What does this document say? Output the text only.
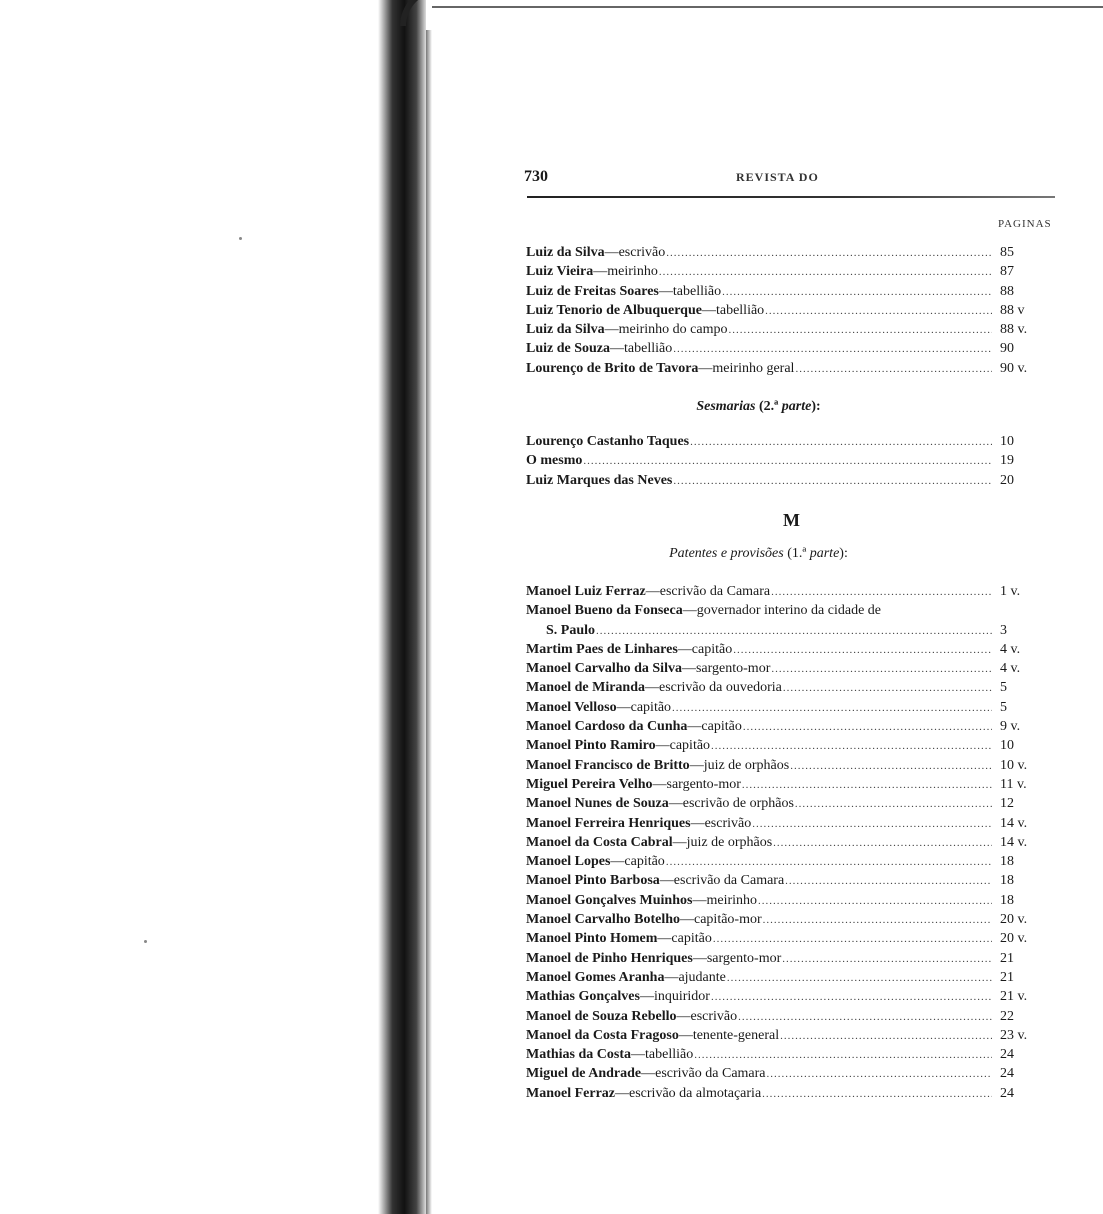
730	REVISTA DO
PAGINAS
Luiz da Silva—escrivão .....	85
Luiz Vieira—meirinho .....	87
Luiz de Freitas Soares—tabellião .....	88
Luiz Tenorio de Albuquerque—tabellião .....	88 v
Luiz da Silva—meirinho do campo .....	88 v.
Luiz de Souza—tabellião .....	90
Lourenço de Brito de Tavora—meirinho geral .....	90 v.
Sesmarias (2.ª parte):
Lourenço Castanho Taques .....	10
O mesmo .....	19
Luiz Marques das Neves .....	20
M
Patentes e provisões (1.ª parte):
Manoel Luiz Ferraz—escrivão da Camara .....	1 v.
Manoel Bueno da Fonseca—governador interino da cidade de
S. Paulo .....	3
Martim Paes de Linhares—capitão .....	4 v.
Manoel Carvalho da Silva—sargento-mor .....	4 v.
Manoel de Miranda—escrivão da ouvedoria .....	5
Manoel Velloso—capitão .....	5
Manoel Cardoso da Cunha—capitão .....	9 v.
Manoel Pinto Ramiro—capitão .....	10
Manoel Francisco de Britto—juiz de orphãos .....	10 v.
Miguel Pereira Velho—sargento-mor .....	11 v.
Manoel Nunes de Souza—escrivão de orphãos .....	12
Manoel Ferreira Henriques—escrivão .....	14 v.
Manoel da Costa Cabral—juiz de orphãos .....	14 v.
Manoel Lopes—capitão .....	18
Manoel Pinto Barbosa—escrivão da Camara .....	18
Manoel Gonçalves Muinhos—meirinho .....	18
Manoel Carvalho Botelho—capitão-mor .....	20 v.
Manoel Pinto Homem—capitão .....	20 v.
Manoel de Pinho Henriques—sargento-mor .....	21
Manoel Gomes Aranha—ajudante .....	21
Mathias Gonçalves—inquiridor .....	21 v.
Manoel de Souza Rebello—escrivão .....	22
Manoel da Costa Fragoso—tenente-general .....	23 v.
Mathias da Costa—tabellião .....	24
Miguel de Andrade—escrivão da Camara .....	24
Manoel Ferraz—escrivão da almotaçaria .....	24
